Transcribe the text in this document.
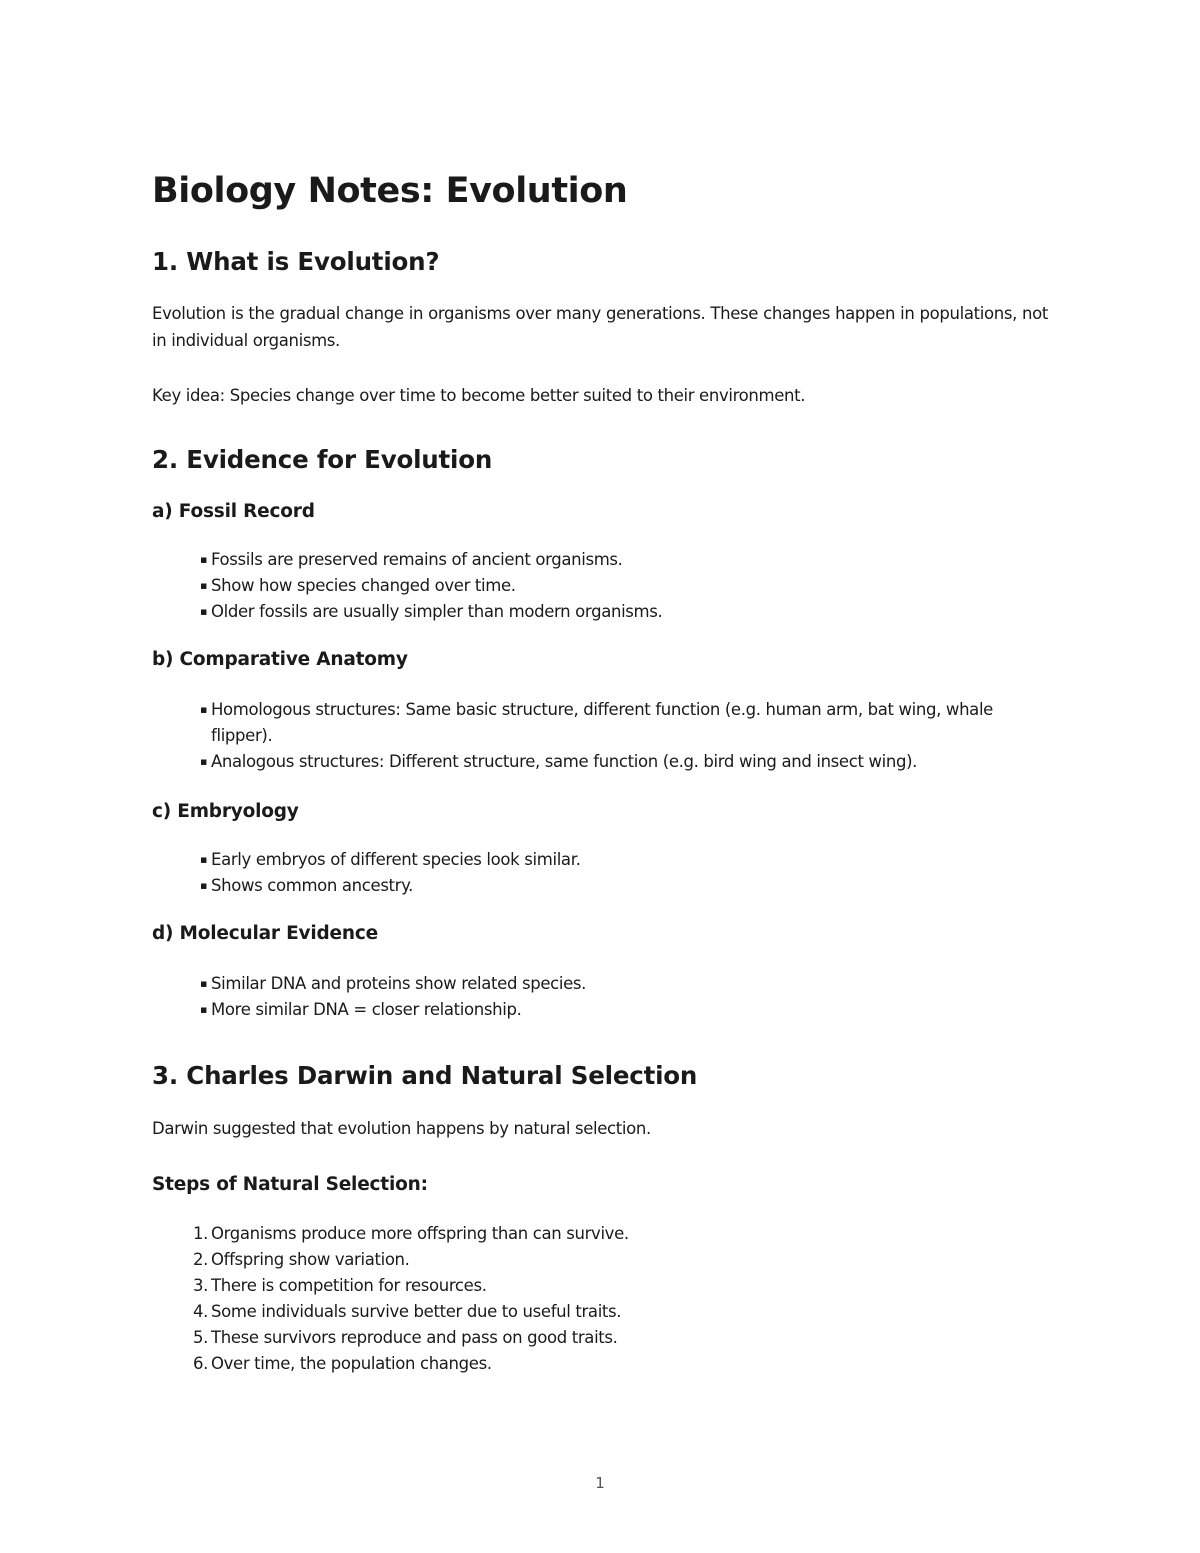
Biology Notes: Evolution
1. What is Evolution?

Evolution is the gradual change in organisms over many generations. These changes happen in populations, not in individual organisms.

Key idea: Species change over time to become better suited to their environment.

2. Evidence for Evolution
a) Fossil Record
▪ Fossils are preserved remains of ancient organisms.
▪ Show how species changed over time.
▪ Older fossils are usually simpler than modern organisms.
b) Comparative Anatomy
▪ Homologous structures: Same basic structure, different function (e.g. human arm, bat wing, whale flipper).
▪ Analogous structures: Different structure, same function (e.g. bird wing and insect wing).
c) Embryology
▪ Early embryos of different species look similar.
▪ Shows common ancestry.
d) Molecular Evidence
▪ Similar DNA and proteins show related species.
▪ More similar DNA = closer relationship.
3. Charles Darwin and Natural Selection

Darwin suggested that evolution happens by natural selection.

Steps of Natural Selection:
1. Organisms produce more offspring than can survive.
2. Offspring show variation.
3. There is competition for resources.
4. Some individuals survive better due to useful traits.
5. These survivors reproduce and pass on good traits.
6. Over time, the population changes.
1
